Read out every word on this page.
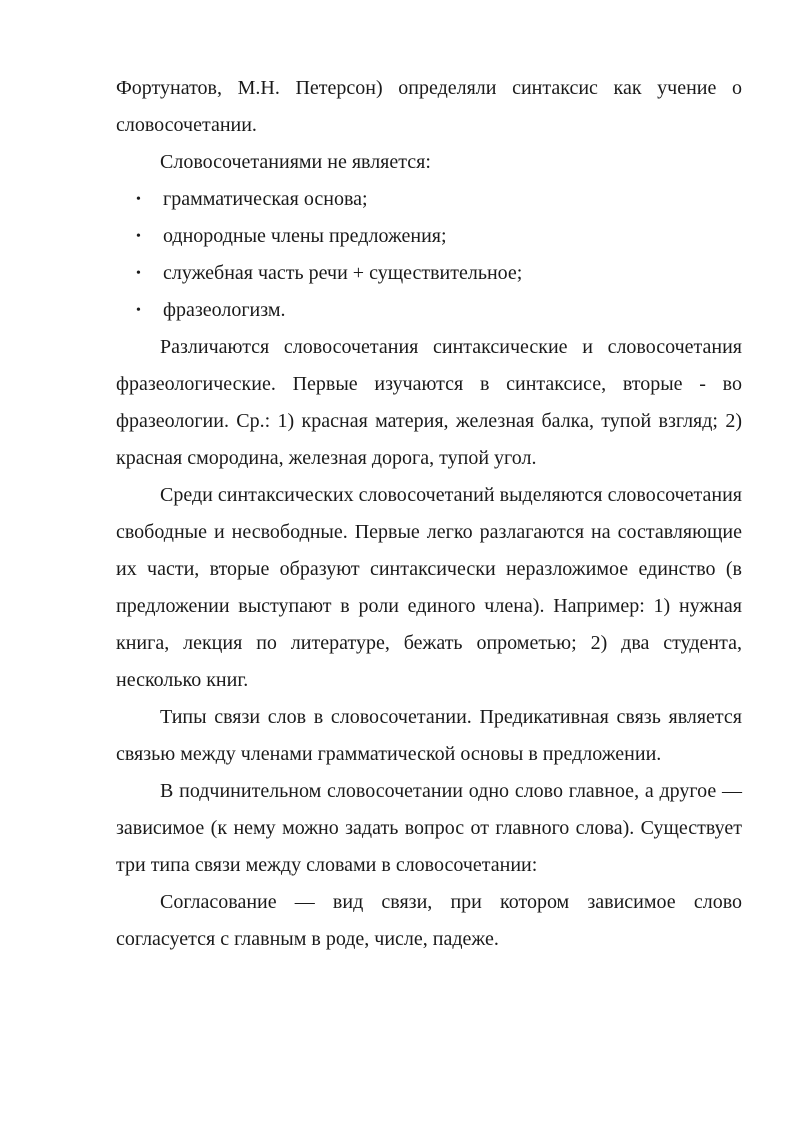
Фортунатов, М.Н. Петерсон) определяли синтаксис как учение о словосочетании.

Словосочетаниями не является:

• грамматическая основа;
• однородные члены предложения;
• служебная часть речи + существительное;
• фразеологизм.

Различаются словосочетания синтаксические и словосочетания фразеологические. Первые изучаются в синтаксисе, вторые - во фразеологии. Ср.: 1) красная материя, железная балка, тупой взгляд; 2) красная смородина, железная дорога, тупой угол.

Среди синтаксических словосочетаний выделяются словосочетания свободные и несвободные. Первые легко разлагаются на составляющие их части, вторые образуют синтаксически неразложимое единство (в предложении выступают в роли единого члена). Например: 1) нужная книга, лекция по литературе, бежать опрометью; 2) два студента, несколько книг.

Типы связи слов в словосочетании. Предикативная связь является связью между членами грамматической основы в предложении.

В подчинительном словосочетании одно слово главное, а другое — зависимое (к нему можно задать вопрос от главного слова). Существует три типа связи между словами в словосочетании:

Согласование — вид связи, при котором зависимое слово согласуется с главным в роде, числе, падеже.
